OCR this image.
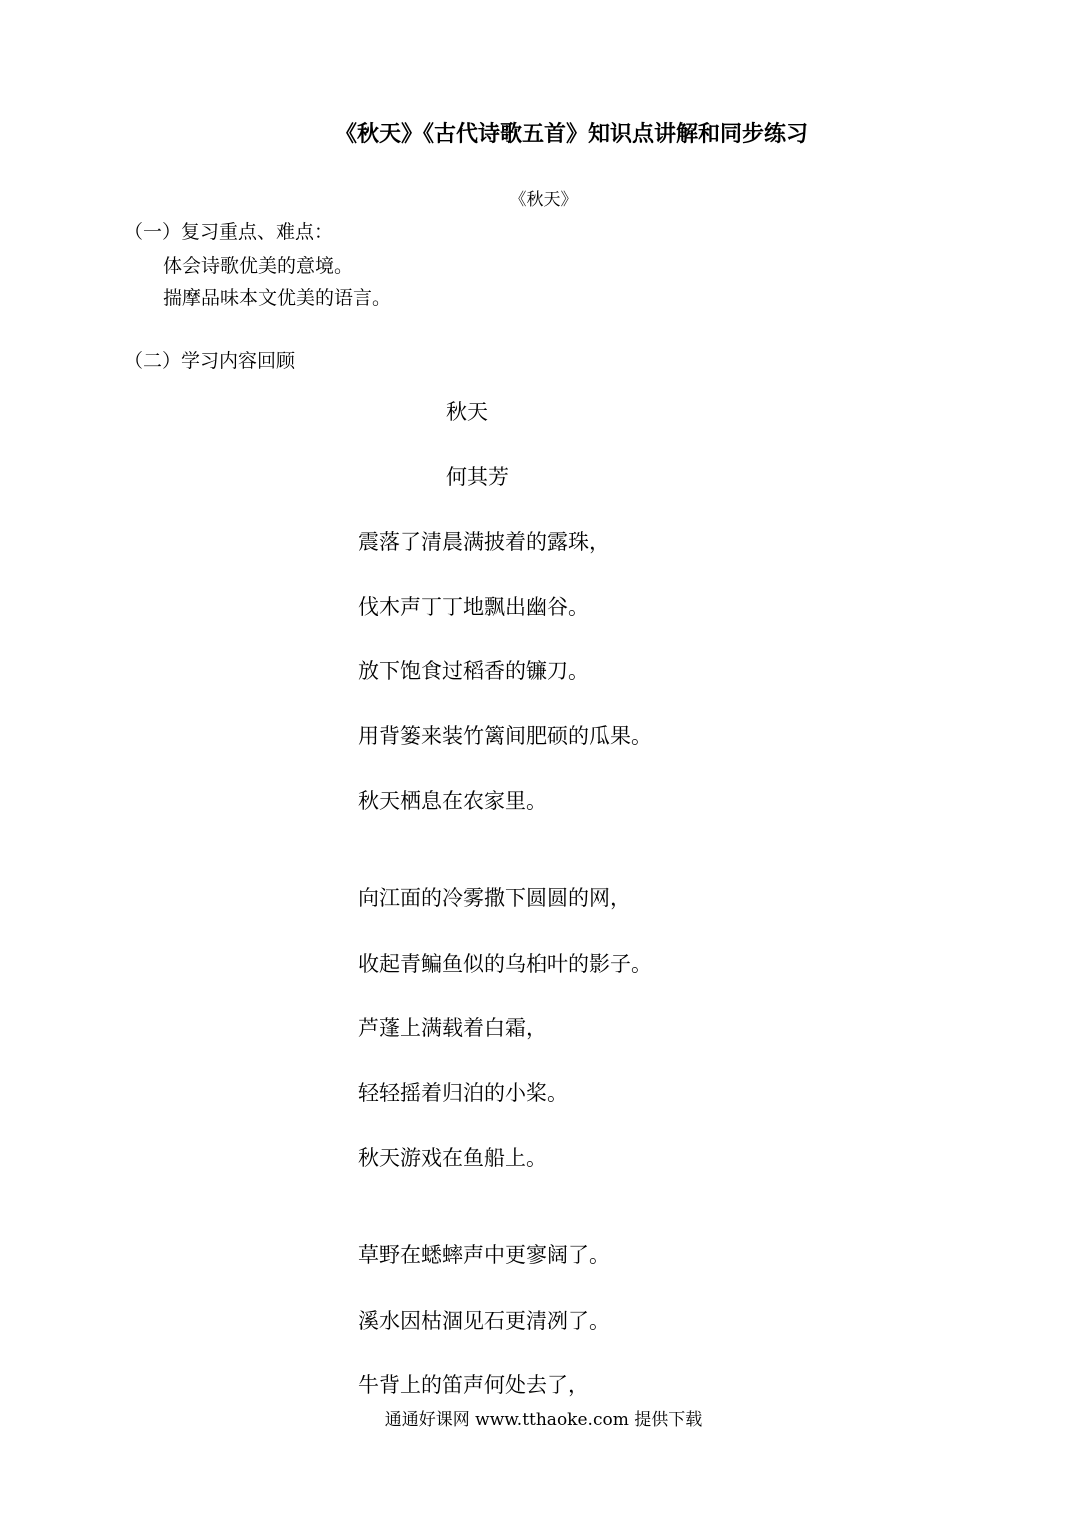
《秋天》《古代诗歌五首》知识点讲解和同步练习
《秋天》
（一）复习重点、难点：
体会诗歌优美的意境。
揣摩品味本文优美的语言。
（二）学习内容回顾
秋天
何其芳
震落了清晨满披着的露珠，
伐木声丁丁地飘出幽谷。
放下饱食过稻香的镰刀。
用背篓来装竹篱间肥硕的瓜果。
秋天栖息在农家里。
向江面的冷雾撒下圆圆的网，
收起青鳊鱼似的乌桕叶的影子。
芦蓬上满载着白霜，
轻轻摇着归泊的小桨。
秋天游戏在鱼船上。
草野在蟋蟀声中更寥阔了。
溪水因枯涸见石更清冽了。
牛背上的笛声何处去了，
通通好课网 www.tthaoke.com 提供下载
